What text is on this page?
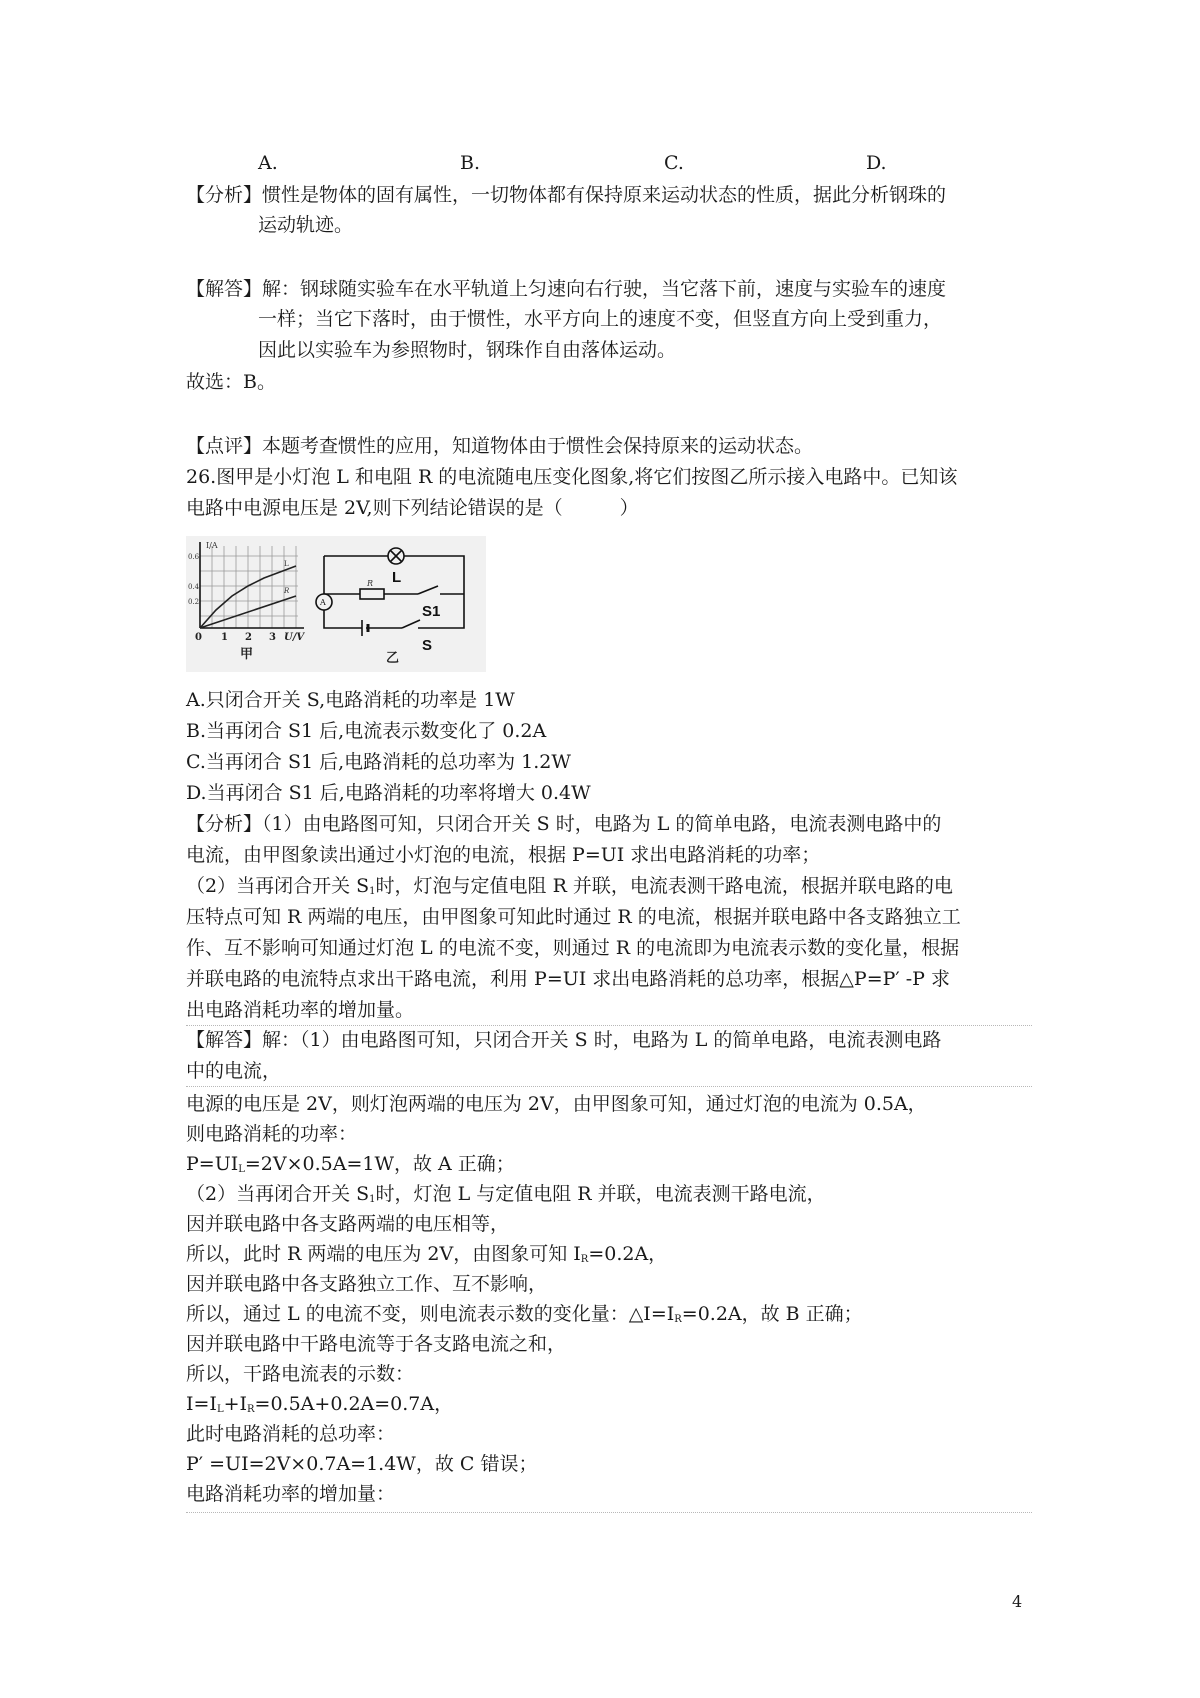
A.	B.	C.	D.
【分析】惯性是物体的固有属性，一切物体都有保持原来运动状态的性质，据此分析钢珠的
运动轨迹。
【解答】解：钢球随实验车在水平轨道上匀速向右行驶，当它落下前，速度与实验车的速度
一样；当它下落时，由于惯性，水平方向上的速度不变，但竖直方向上受到重力，
因此以实验车为参照物时，钢珠作自由落体运动。
故选：B。
【点评】本题考查惯性的应用，知道物体由于惯性会保持原来的运动状态。
26.图甲是小灯泡 L 和电阻 R 的电流随电压变化图象,将它们按图乙所示接入电路中。已知该
电路中电源电压是 2V,则下列结论错误的是（　　　）
I/A
0.6
0.4
0.2
0 1 2 3 U/V
L
R
甲
A
L
R
S1
S
乙
A.只闭合开关 S,电路消耗的功率是 1W
B.当再闭合 S1 后,电流表示数变化了 0.2A
C.当再闭合 S1 后,电路消耗的总功率为 1.2W
D.当再闭合 S1 后,电路消耗的功率将增大 0.4W
【分析】（1）由电路图可知，只闭合开关 S 时，电路为 L 的简单电路，电流表测电路中的
电流，由甲图象读出通过小灯泡的电流，根据 P=UI 求出电路消耗的功率；
（2）当再闭合开关 $S_1$时，灯泡与定值电阻 R 并联，电流表测干路电流，根据并联电路的电
压特点可知 R 两端的电压，由甲图象可知此时通过 R 的电流，根据并联电路中各支路独立工
作、互不影响可知通过灯泡 L 的电流不变，则通过 R 的电流即为电流表示数的变化量，根据
并联电路的电流特点求出干路电流，利用 P=UI 求出电路消耗的总功率，根据△P=P′ -P 求
出电路消耗功率的增加量。
【解答】解：（1）由电路图可知，只闭合开关 S 时，电路为 L 的简单电路，电流表测电路
中的电流，
电源的电压是 2V，则灯泡两端的电压为 2V，由甲图象可知，通过灯泡的电流为 0.5A，
则电路消耗的功率：
$P=UI_L=2V\times 0.5A=1W$，故 A 正确；
（2）当再闭合开关 $S_1$时，灯泡 L 与定值电阻 R 并联，电流表测干路电流，
因并联电路中各支路两端的电压相等，
所以，此时 R 两端的电压为 2V，由图象可知 $I_R=0.2A$，
因并联电路中各支路独立工作、互不影响，
所以，通过 L 的电流不变，则电流表示数的变化量：$\triangle I=I_R=0.2A$，故 B 正确；
因并联电路中干路电流等于各支路电流之和，
所以，干路电流表的示数：
$I=I_L+I_R=0.5A+0.2A=0.7A$，
此时电路消耗的总功率：
P′ =UI=2V×0.7A=1.4W，故 C 错误；
电路消耗功率的增加量：
4
